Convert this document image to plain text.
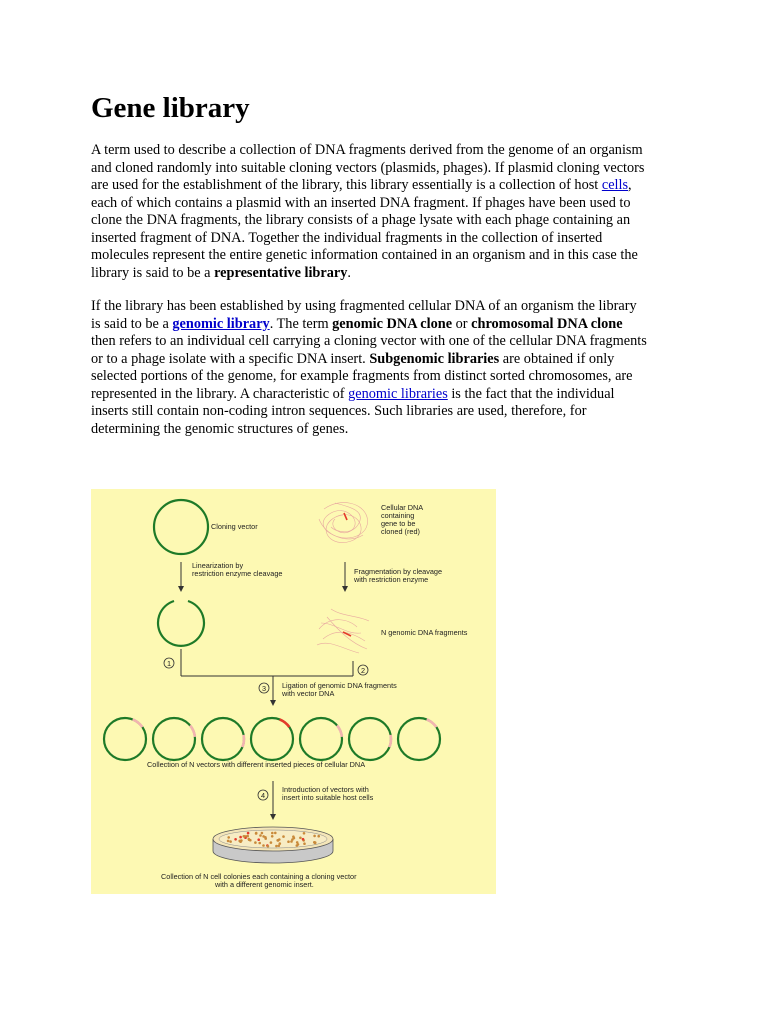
Gene library
A term used to describe a collection of DNA fragments derived from the genome of an organism
and cloned randomly into suitable cloning vectors (plasmids, phages). If plasmid cloning vectors
are used for the establishment of the library, this library essentially is a collection of host cells,
each of which contains a plasmid with an inserted DNA fragment. If phages have been used to
clone the DNA fragments, the library consists of a phage lysate with each phage containing an
inserted fragment of DNA. Together the individual fragments in the collection of inserted
molecules represent the entire genetic information contained in an organism and in this case the
library is said to be a representative library.
If the library has been established by using fragmented cellular DNA of an organism the library
is said to be a genomic library. The term genomic DNA clone or chromosomal DNA clone
then refers to an individual cell carrying a cloning vector with one of the cellular DNA fragments
or to a phage isolate with a specific DNA insert. Subgenomic libraries are obtained if only
selected portions of the genome, for example fragments from distinct sorted chromosomes, are
represented in the library. A characteristic of genomic libraries is the fact that the individual
inserts still contain non-coding intron sequences. Such libraries are used, therefore, for
determining the genomic structures of genes.
Cloning vector
Cellular DNA containing gene to be cloned (red)
Linearization by restriction enzyme cleavage	Fragmentation by cleavage with restriction enzyme
N genomic DNA fragments
1
2
3 Ligation of genomic DNA fragments with vector DNA
Collection of N vectors with different inserted pieces of cellular DNA
4
Introduction of vectors with insert into suitable host cells
Collection of N cell colonies each containing a cloning vector with a different genomic insert.
